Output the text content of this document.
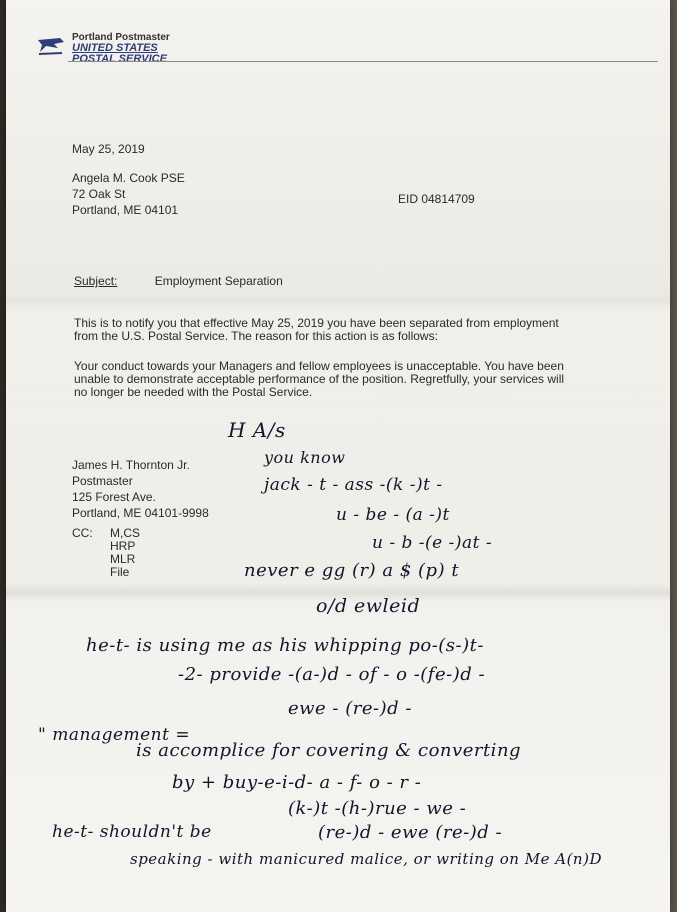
Portland Postmaster
UNITED STATES
POSTAL SERVICE
May 25, 2019
Angela M. Cook PSE
72 Oak St
Portland, ME 04101
EID 04814709
Subject:	Employment Separation
This is to notify you that effective May 25, 2019 you have been separated from employment from the U.S. Postal Service. The reason for this action is as follows:
Your conduct towards your Managers and fellow employees is unacceptable. You have been unable to demonstrate acceptable performance of the position. Regretfully, your services will no longer be needed with the Postal Service.
James H. Thornton Jr.
Postmaster
125 Forest Ave.
Portland, ME 04101-9998
CC:	M,CS
HRP
MLR
File
H A/s
you know
jack - t - ass -(k -)t -
u - be - (a -)t
u - b -(e -)at -
never e gg (r) a $ (p) t
o/d ewleid
he-t- is using me as his whipping po-(s-)t-
-2- provide -(a-)d - of - o -(fe-)d -
ewe - (re-)d -
" management =
is accomplice for covering & converting
by + buy-e-i-d- a - f- o - r -
(k-)t -(h-)rue - we -
he-t- shouldn't be	(re-)d - ewe (re-)d -
speaking - with manicured malice, or writing on Me A(n)D
